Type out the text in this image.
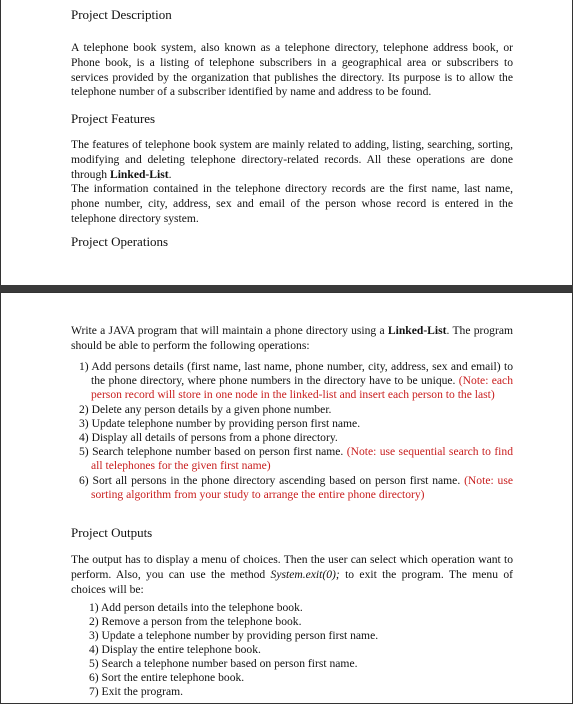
Project Description
A telephone book system, also known as a telephone directory, telephone address book, or Phone book, is a listing of telephone subscribers in a geographical area or subscribers to services provided by the organization that publishes the directory. Its purpose is to allow the telephone number of a subscriber identified by name and address to be found.
Project Features
The features of telephone book system are mainly related to adding, listing, searching, sorting, modifying and deleting telephone directory-related records. All these operations are done through Linked-List.
The information contained in the telephone directory records are the first name, last name, phone number, city, address, sex and email of the person whose record is entered in the telephone directory system.
Project Operations
Write a JAVA program that will maintain a phone directory using a Linked-List. The program should be able to perform the following operations:
1) Add persons details (first name, last name, phone number, city, address, sex and email) to the phone directory, where phone numbers in the directory have to be unique. (Note: each person record will store in one node in the linked-list and insert each person to the last)
2) Delete any person details by a given phone number.
3) Update telephone number by providing person first name.
4) Display all details of persons from a phone directory.
5) Search telephone number based on person first name. (Note: use sequential search to find all telephones for the given first name)
6) Sort all persons in the phone directory ascending based on person first name. (Note: use sorting algorithm from your study to arrange the entire phone directory)
Project Outputs
The output has to display a menu of choices. Then the user can select which operation want to perform. Also, you can use the method System.exit(0); to exit the program. The menu of choices will be:
1) Add person details into the telephone book.
2) Remove a person from the telephone book.
3) Update a telephone number by providing person first name.
4) Display the entire telephone book.
5) Search a telephone number based on person first name.
6) Sort the entire telephone book.
7) Exit the program.
